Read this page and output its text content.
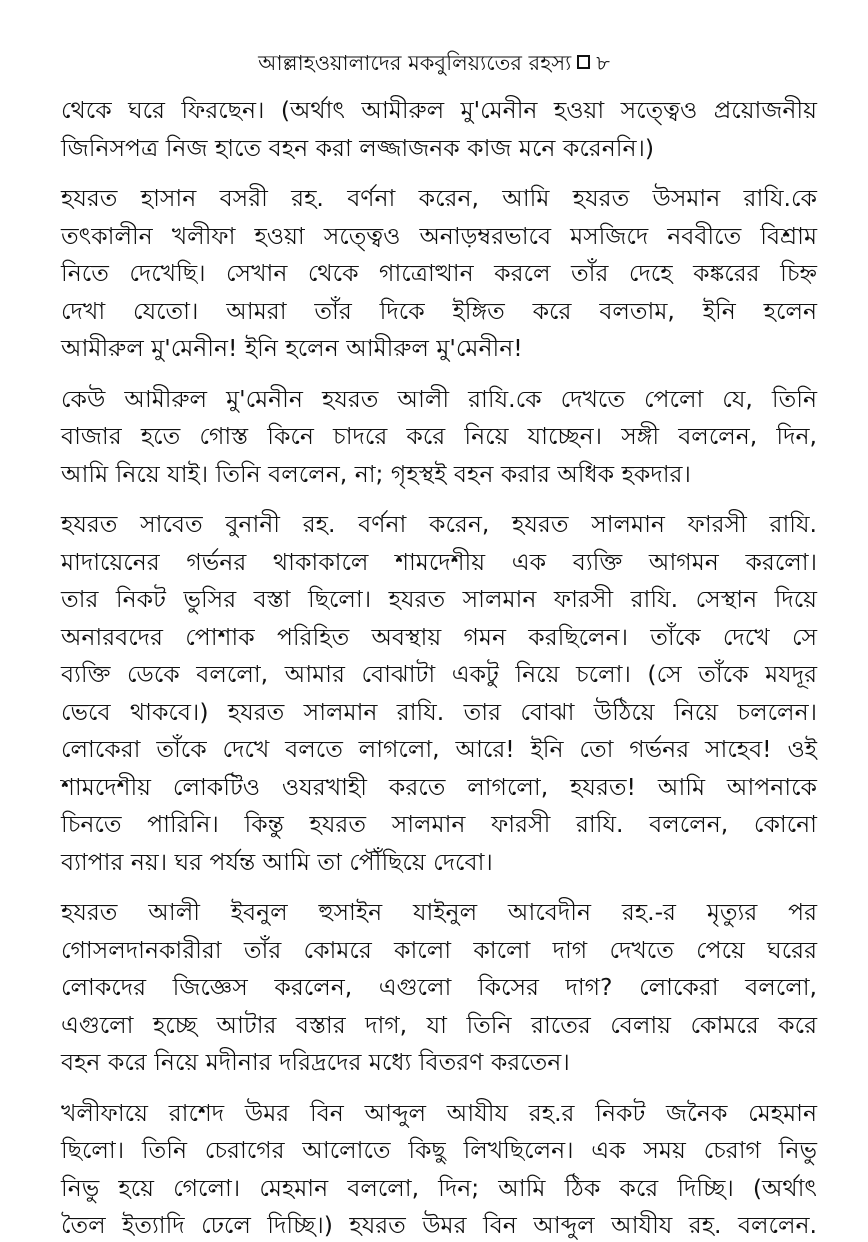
আল্লাহওয়ালাদের মকবুলিয়্যতের রহস্য ৮
থেকে ঘরে ফিরছেন। (অর্থাৎ আমীরুল মু'মেনীন হওয়া সত্ত্বেও প্রয়োজনীয়
জিনিসপত্র নিজ হাতে বহন করা লজ্জাজনক কাজ মনে করেননি।)
হযরত হাসান বসরী রহ. বর্ণনা করেন, আমি হযরত উসমান রাযি.কে
তৎকালীন খলীফা হওয়া সত্ত্বেও অনাড়ম্বরভাবে মসজিদে নববীতে বিশ্রাম
নিতে দেখেছি। সেখান থেকে গাত্রোত্থান করলে তাঁর দেহে কঙ্করের চিহ্ন
দেখা যেতো। আমরা তাঁর দিকে ইঙ্গিত করে বলতাম, ইনি হলেন
আমীরুল মু'মেনীন! ইনি হলেন আমীরুল মু'মেনীন!
কেউ আমীরুল মু'মেনীন হযরত আলী রাযি.কে দেখতে পেলো যে, তিনি
বাজার হতে গোস্ত কিনে চাদরে করে নিয়ে যাচ্ছেন। সঙ্গী বললেন, দিন,
আমি নিয়ে যাই। তিনি বললেন, না; গৃহস্থই বহন করার অধিক হকদার।
হযরত সাবেত বুনানী রহ. বর্ণনা করেন, হযরত সালমান ফারসী রাযি.
মাদায়েনের গর্ভনর থাকাকালে শামদেশীয় এক ব্যক্তি আগমন করলো।
তার নিকট ভুসির বস্তা ছিলো। হযরত সালমান ফারসী রাযি. সেস্থান দিয়ে
অনারবদের পোশাক পরিহিত অবস্থায় গমন করছিলেন। তাঁকে দেখে সে
ব্যক্তি ডেকে বললো, আমার বোঝাটা একটু নিয়ে চলো। (সে তাঁকে মযদূর
ভেবে থাকবে।) হযরত সালমান রাযি. তার বোঝা উঠিয়ে নিয়ে চললেন।
লোকেরা তাঁকে দেখে বলতে লাগলো, আরে! ইনি তো গর্ভনর সাহেব! ওই
শামদেশীয় লোকটিও ওযরখাহী করতে লাগলো, হযরত! আমি আপনাকে
চিনতে পারিনি। কিন্তু হযরত সালমান ফারসী রাযি. বললেন, কোনো
ব্যাপার নয়। ঘর পর্যন্ত আমি তা পৌঁছিয়ে দেবো।
হযরত আলী ইবনুল হুসাইন যাইনুল আবেদীন রহ.-র মৃত্যুর পর
গোসলদানকারীরা তাঁর কোমরে কালো কালো দাগ দেখতে পেয়ে ঘরের
লোকদের জিজ্ঞেস করলেন, এগুলো কিসের দাগ? লোকেরা বললো,
এগুলো হচ্ছে আটার বস্তার দাগ, যা তিনি রাতের বেলায় কোমরে করে
বহন করে নিয়ে মদীনার দরিদ্রদের মধ্যে বিতরণ করতেন।
খলীফায়ে রাশেদ উমর বিন আব্দুল আযীয রহ.র নিকট জনৈক মেহমান
ছিলো। তিনি চেরাগের আলোতে কিছু লিখছিলেন। এক সময় চেরাগ নিভু
নিভু হয়ে গেলো। মেহমান বললো, দিন; আমি ঠিক করে দিচ্ছি। (অর্থাৎ
তৈল ইত্যাদি ঢেলে দিচ্ছি।) হযরত উমর বিন আব্দুল আযীয রহ. বললেন.
